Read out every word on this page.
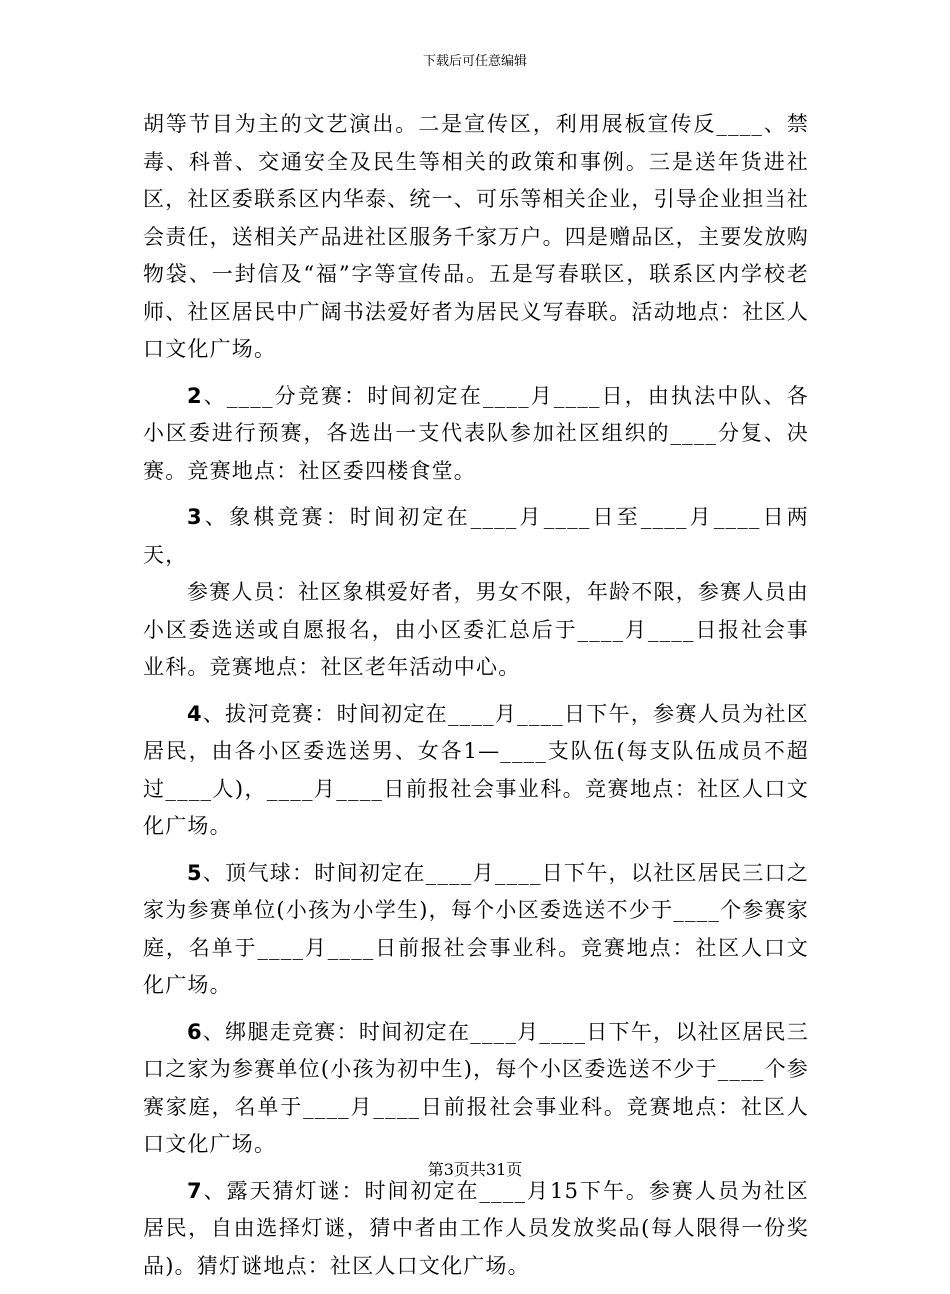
下载后可任意编辑

胡等节目为主的文艺演出。二是宣传区，利用展板宣传反____、禁毒、科普、交通安全及民生等相关的政策和事例。三是送年货进社区，社区委联系区内华泰、统一、可乐等相关企业，引导企业担当社会责任，送相关产品进社区服务千家万户。四是赠品区，主要发放购物袋、一封信及“福”字等宣传品。五是写春联区，联系区内学校老师、社区居民中广阔书法爱好者为居民义写春联。活动地点：社区人口文化广场。

2、____分竞赛：时间初定在____月____日，由执法中队、各小区委进行预赛，各选出一支代表队参加社区组织的____分复、决赛。竞赛地点：社区委四楼食堂。

3、象棋竞赛：时间初定在____月____日至____月____日两天，

参赛人员：社区象棋爱好者，男女不限，年龄不限，参赛人员由小区委选送或自愿报名，由小区委汇总后于____月____日报社会事业科。竞赛地点：社区老年活动中心。

4、拔河竞赛：时间初定在____月____日下午，参赛人员为社区居民，由各小区委选送男、女各1—____支队伍(每支队伍成员不超过____人)，____月____日前报社会事业科。竞赛地点：社区人口文化广场。

5、顶气球：时间初定在____月____日下午，以社区居民三口之家为参赛单位(小孩为小学生)，每个小区委选送不少于____个参赛家庭，名单于____月____日前报社会事业科。竞赛地点：社区人口文化广场。

6、绑腿走竞赛：时间初定在____月____日下午，以社区居民三口之家为参赛单位(小孩为初中生)，每个小区委选送不少于____个参赛家庭，名单于____月____日前报社会事业科。竞赛地点：社区人口文化广场。

7、露天猜灯谜：时间初定在____月15下午。参赛人员为社区居民，自由选择灯谜，猜中者由工作人员发放奖品(每人限得一份奖品)。猜灯谜地点：社区人口文化广场。

第3页共31页
